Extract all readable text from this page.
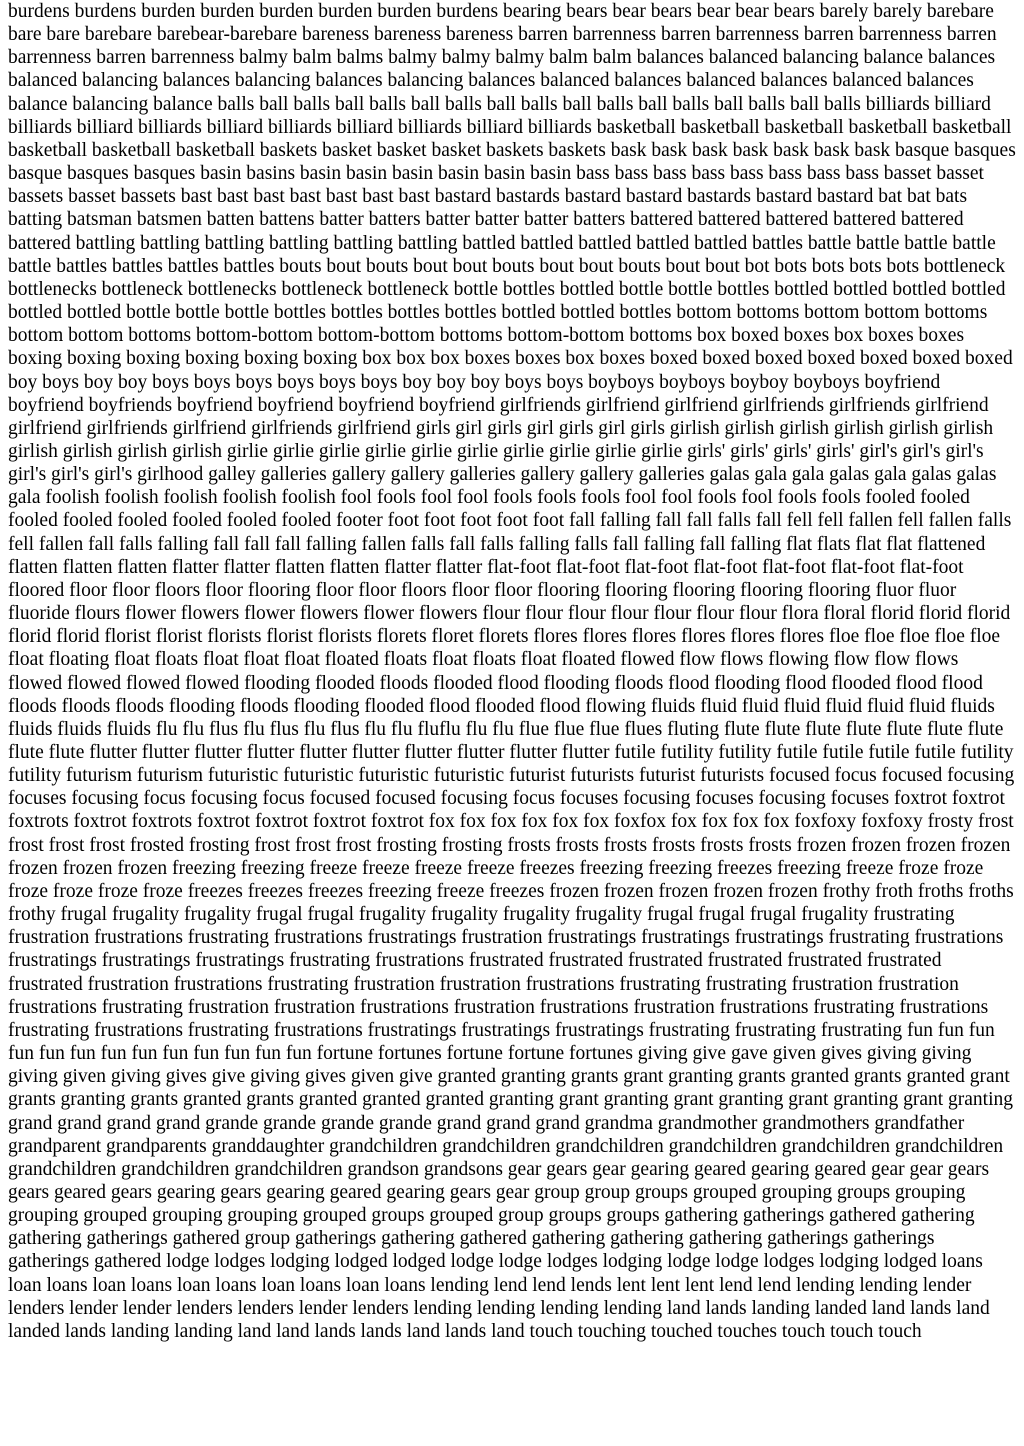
burdens burdens burden burden burden burden burden burdens bearing bears bear bears bear bear bears barely barely barebare bare bare barebare barebear-barebare bareness bareness bareness barren barrenness barren barrenness barren barrenness barren barrenness barren barrenness balmy balm balms balmy balmy balmy balm balm balances balanced balancing balance balances balanced balancing balances balancing balances balancing balances balanced balances balanced balances balanced balances balance balancing balance balls ball balls ball balls ball balls ball balls ball balls ball balls ball balls ball balls billiards billiard billiards billiard billiards billiard billiards billiard billiards billiard billiards basketball basketball basketball basketball basketball basketball basketball basketball baskets basket basket basket baskets baskets bask bask bask bask bask bask bask basque basques basque basques basques basin basins basin basin basin basin basin basin bass bass bass bass bass bass bass bass basset basset bassets basset bassets bast bast bast bast bast bast bast bastard bastards bastard bastard bastards bastard bastard bat bat bats batting batsman batsmen batten battens batter batters batter batter batter batters battered battered battered battered battered battered battling battling battling battling battling battling battled battled battled battled battled battles battle battle battle battle battle battles battles battles battles bouts bout bouts bout bout bouts bout bout bouts bout bout bot bots bots bots bots bottleneck bottlenecks bottleneck bottlenecks bottleneck bottleneck bottle bottles bottled bottle bottle bottles bottled bottled bottled bottled bottled bottled bottle bottle bottle bottles bottles bottles bottles bottled bottled bottles bottom bottoms bottom bottom bottoms bottom bottom bottoms bottom-bottom bottom-bottom bottoms bottom-bottom bottoms box boxed boxes box boxes boxes boxing boxing boxing boxing boxing boxing box box box boxes boxes box boxes boxed boxed boxed boxed boxed boxed boxed boy boys boy boy boys boys boys boys boys boys boy boy boy boys boys boyboys boyboys boyboy boyboys boyfriend boyfriend boyfriends boyfriend boyfriend boyfriend boyfriend girlfriends girlfriend girlfriend girlfriends girlfriends girlfriend girlfriend girlfriends girlfriend girlfriends girlfriend girls girl girls girl girls girl girls girlish girlish girlish girlish girlish girlish girlish girlish girlish girlish girlie girlie girlie girlie girlie girlie girlie girlie girlie girlie girls' girls' girls' girls' girl's girl's girl's girl's girl's girl's girlhood galley galleries gallery gallery galleries gallery gallery galleries galas gala gala galas gala galas galas gala foolish foolish foolish foolish foolish fool fools fool fool fools fools fools fool fool fools fool fools fools fooled fooled fooled fooled fooled fooled fooled fooled footer foot foot foot foot foot fall falling fall fall falls fall fell fell fallen fell fallen falls fell fallen fall falls falling fall fall fall falling fallen falls fall falls falling falls fall falling fall falling flat flats flat flat flattened flatten flatten flatten flatter flatter flatten flatten flatter flatter flat-foot flat-foot flat-foot flat-foot flat-foot flat-foot flat-foot floored floor floor floors floor flooring floor floor floors floor floor flooring flooring flooring flooring flooring fluor fluor fluoride flours flower flowers flower flowers flower flowers flour flour flour flour flour flour flour flora floral florid florid florid florid florid florist florist florists florist florists florets floret florets flores flores flores flores flores flores floe floe floe floe floe float floating float floats float float float floated floats float floats float floated flowed flow flows flowing flow flow flows flowed flowed flowed flowed flooding flooded floods flooded flood flooding floods flood flooding flood flooded flood flood floods floods floods flooding floods flooding flooded flood flooded flood flowing fluids fluid fluid fluid fluid fluid fluid fluids fluids fluids fluids flu flu flus flu flus flu flus flu flu fluflu flu flu flue flue flue flues fluting flute flute flute flute flute flute flute flute flute flutter flutter flutter flutter flutter flutter flutter flutter flutter flutter futile futility futility futile futile futile futile futility futility futurism futurism futuristic futuristic futuristic futuristic futurist futurists futurist futurists focused focus focused focusing focuses focusing focus focusing focus focused focused focusing focus focuses focusing focuses focusing focuses foxtrot foxtrot foxtrots foxtrot foxtrots foxtrot foxtrot foxtrot foxtrot fox fox fox fox fox fox foxfox fox fox fox fox foxfoxy foxfoxy frosty frost frost frost frost frosted frosting frost frost frost frosting frosting frosts frosts frosts frosts frosts frosts frozen frozen frozen frozen frozen frozen frozen freezing freezing freeze freeze freeze freeze freezes freezing freezing freezes freezing freeze froze froze froze froze froze froze freezes freezes freezes freezing freeze freezes frozen frozen frozen frozen frozen frothy froth froths froths frothy frugal frugality frugality frugal frugal frugality frugality frugality frugality frugal frugal frugal frugality frustrating frustration frustrations frustrating frustrations frustratings frustration frustratings frustratings frustratings frustrating frustrations frustratings frustratings frustratings frustrating frustrations frustrated frustrated frustrated frustrated frustrated frustrated frustrated frustration frustrations frustrating frustration frustration frustrations frustrating frustrating frustration frustration frustrations frustrating frustration frustration frustrations frustration frustrations frustration frustrations frustrating frustrations frustrating frustrations frustrating frustrations frustratings frustratings frustratings frustrating frustrating frustrating fun fun fun fun fun fun fun fun fun fun fun fun fun fortune fortunes fortune fortune fortunes giving give gave given gives giving giving giving given giving gives give giving gives given give granted granting grants grant granting grants granted grants granted grant grants granting grants granted grants granted granted granted granting grant granting grant granting grant granting grant granting grand grand grand grand grande grande grande grande grand grand grand grandma grandmother grandmothers grandfather grandparent grandparents granddaughter grandchildren grandchildren grandchildren grandchildren grandchildren grandchildren grandchildren grandchildren grandchildren grandson grandsons gear gears gear gearing geared gearing geared gear gear gears gears geared gears gearing gears gearing geared gearing gears gear group group groups grouped grouping groups grouping grouping grouped grouping grouping grouped groups grouped group groups groups gathering gatherings gathered gathering gathering gatherings gathered group gatherings gathering gathered gathering gathering gathering gatherings gatherings gatherings gathered lodge lodges lodging lodged lodged lodge lodge lodges lodging lodge lodge lodges lodging lodged loans loan loans loan loans loan loans loan loans loan loans lending lend lend lends lent lent lent lend lend lending lending lender lenders lender lender lenders lenders lender lenders lending lending lending lending land lands landing landed land lands land landed lands landing landing land land lands lands land lands land touch touching touched touches touch touch touch
